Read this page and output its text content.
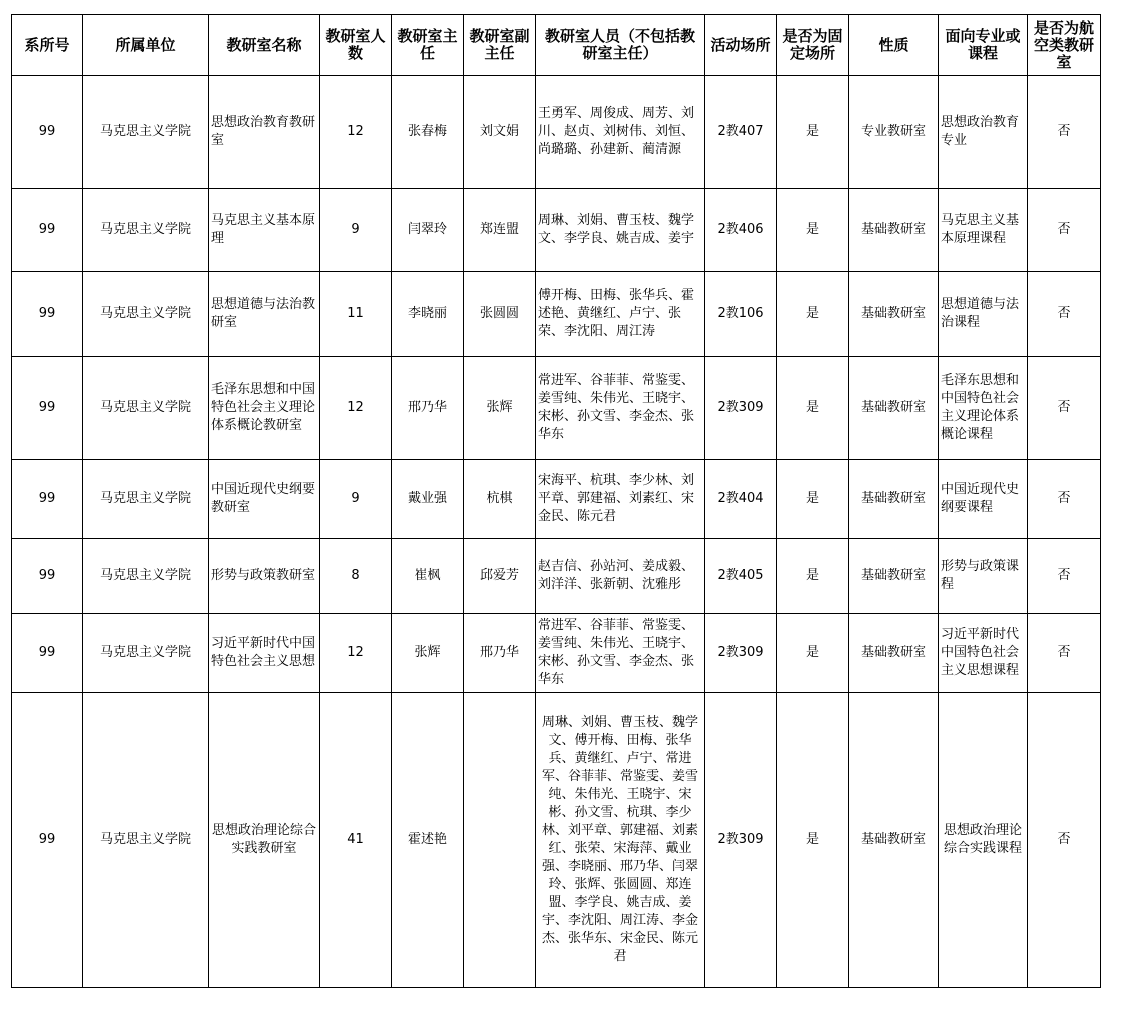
系所号	所属单位	教研室名称	教研室人数	教研室主任	教研室副主任	教研室人员（不包括教研室主任）	活动场所	是否为固定场所	性质	面向专业或课程	是否为航空类教研室
99	马克思主义学院	思想政治教育教研室	12	张春梅	刘文娟	王勇军、周俊成、周芳、刘川、赵贞、刘树伟、刘恒、尚璐璐、孙建新、蔺清源	2教407	是	专业教研室	思想政治教育专业	否
99	马克思主义学院	马克思主义基本原理	9	闫翠玲	郑连盟	周琳、刘娟、曹玉枝、魏学文、李学良、姚吉成、姜宇	2教406	是	基础教研室	马克思主义基本原理课程	否
99	马克思主义学院	思想道德与法治教研室	11	李晓丽	张圆圆	傅开梅、田梅、张华兵、霍述艳、黄继红、卢宁、张荣、李沈阳、周江涛	2教106	是	基础教研室	思想道德与法治课程	否
99	马克思主义学院	毛泽东思想和中国特色社会主义理论体系概论教研室	12	邢乃华	张辉	常进军、谷菲菲、常鉴雯、姜雪纯、朱伟光、王晓宇、宋彬、孙文雪、李金杰、张华东	2教309	是	基础教研室	毛泽东思想和中国特色社会主义理论体系概论课程	否
99	马克思主义学院	中国近现代史纲要教研室	9	戴业强	杭棋	宋海平、杭琪、李少林、刘平章、郭建福、刘素红、宋金民、陈元君	2教404	是	基础教研室	中国近现代史纲要课程	否
99	马克思主义学院	形势与政策教研室	8	崔枫	邱爱芳	赵吉信、孙站河、姜成毅、刘洋洋、张新朝、沈雅彤	2教405	是	基础教研室	形势与政策课程	否
99	马克思主义学院	习近平新时代中国特色社会主义思想	12	张辉	邢乃华	常进军、谷菲菲、常鉴雯、姜雪纯、朱伟光、王晓宇、宋彬、孙文雪、李金杰、张华东	2教309	是	基础教研室	习近平新时代中国特色社会主义思想课程	否
99	马克思主义学院	思想政治理论综合实践教研室	41	霍述艳		周琳、刘娟、曹玉枝、魏学文、傅开梅、田梅、张华兵、黄继红、卢宁、常进军、谷菲菲、常鉴雯、姜雪纯、朱伟光、王晓宇、宋彬、孙文雪、杭琪、李少林、刘平章、郭建福、刘素红、张荣、宋海萍、戴业强、李晓丽、邢乃华、闫翠玲、张辉、张圆圆、郑连盟、李学良、姚吉成、姜宇、李沈阳、周江涛、李金杰、张华东、宋金民、陈元君	2教309	是	基础教研室	思想政治理论综合实践课程	否
